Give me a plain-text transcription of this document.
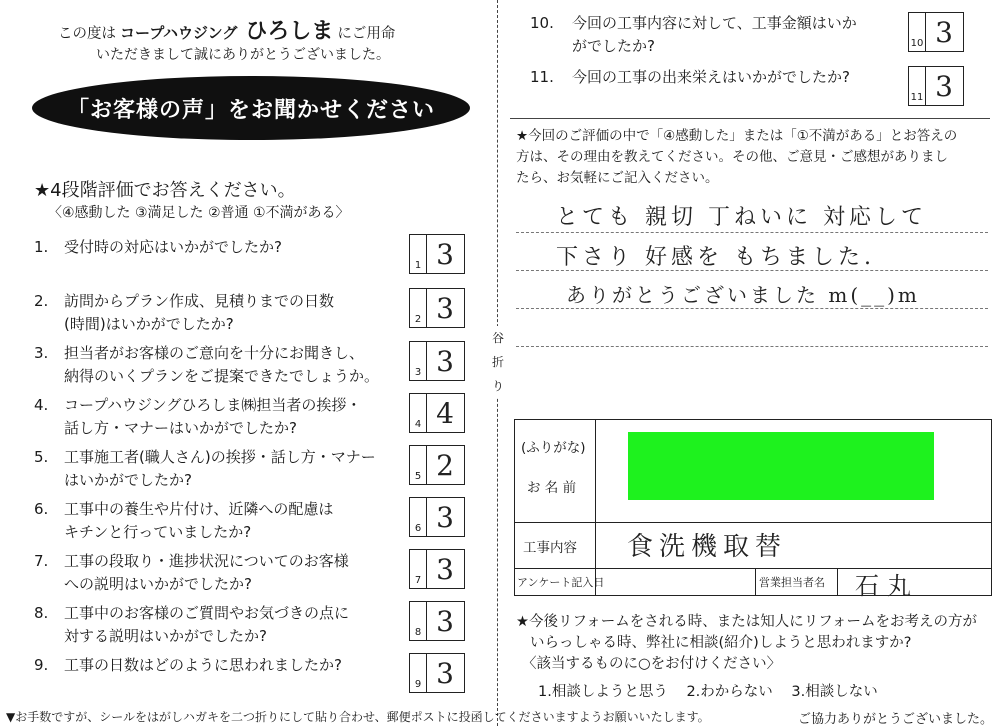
この度は コープハウジング ひろしま にご用命
いただきまして誠にありがとうございました。
「お客様の声」をお聞かせください
★4段階評価でお答えください。
〈④感動した ③満足した ②普通 ①不満がある〉
1. 受付時の対応はいかがでしたか?
1 3
2. 訪問からプラン作成、見積りまでの日数
(時間)はいかがでしたか?	2 3
3. 担当者がお客様のご意向を十分にお聞きし、
納得のいくプランをご提案できたでしょうか。	3 3
4. コープハウジングひろしま㈱担当者の挨拶・
話し方・マナーはいかがでしたか?	4 4
5. 工事施工者(職人さん)の挨拶・話し方・マナー
はいかがでしたか?	5 2
6. 工事中の養生や片付け、近隣への配慮は
キチンと行っていましたか?	6 3
7. 工事の段取り・進捗状況についてのお客様
への説明はいかがでしたか?	7 3
8. 工事中のお客様のご質問やお気づきの点に
対する説明はいかがでしたか?	8 3
9. 工事の日数はどのように思われましたか?
9 3
谷折り
10. 今回の工事内容に対して、工事金額はいか
がでしたか?	10 3
11. 今回の工事の出来栄えはいかがでしたか?
11 3
★今回のご評価の中で「④感動した」または「①不満がある」とお答えの
方は、その理由を教えてください。その他、ご意見・ご感想がありまし
たら、お気軽にご記入ください。
とても 親切 丁ねいに 対応して
下さり 好感を もちました.
ありがとうございました m(__)m
(ふりがな)
お 名 前
工事内容 食洗機取替
アンケート記入日	営業担当者名 石丸
★今後リフォームをされる時、または知人にリフォームをお考えの方が
いらっしゃる時、弊社に相談(紹介)しようと思われますか?
〈該当するものに○をお付けください〉
1.相談しようと思う 2.わからない 3.相談しない
▼お手数ですが、シールをはがしハガキを二つ折りにして貼り合わせ、郵便ポストに投函してくださいますようお願いいたします。	ご協力ありがとうございました。
